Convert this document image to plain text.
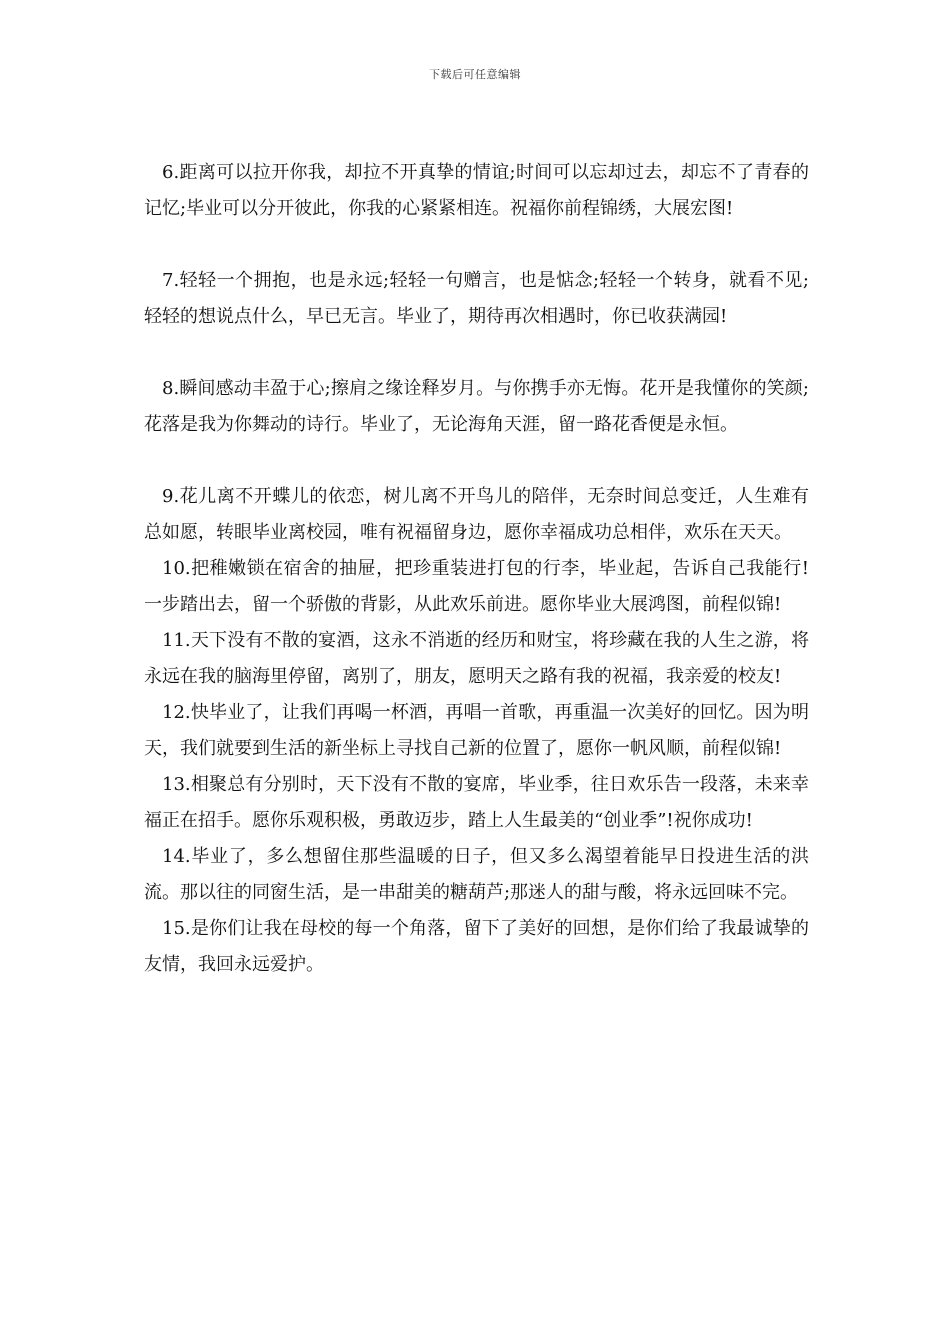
下载后可任意编辑

6.距离可以拉开你我，却拉不开真挚的情谊;时间可以忘却过去，却忘不了青春的记忆;毕业可以分开彼此，你我的心紧紧相连。祝福你前程锦绣，大展宏图!

7.轻轻一个拥抱，也是永远;轻轻一句赠言，也是惦念;轻轻一个转身，就看不见;轻轻的想说点什么，早已无言。毕业了，期待再次相遇时，你已收获满园!

8.瞬间感动丰盈于心;擦肩之缘诠释岁月。与你携手亦无悔。花开是我懂你的笑颜;花落是我为你舞动的诗行。毕业了，无论海角天涯，留一路花香便是永恒。

9.花儿离不开蝶儿的依恋，树儿离不开鸟儿的陪伴，无奈时间总变迁，人生难有总如愿，转眼毕业离校园，唯有祝福留身边，愿你幸福成功总相伴，欢乐在天天。

10.把稚嫩锁在宿舍的抽屉，把珍重装进打包的行李，毕业起，告诉自己我能行!一步踏出去，留一个骄傲的背影，从此欢乐前进。愿你毕业大展鸿图，前程似锦!

11.天下没有不散的宴酒，这永不消逝的经历和财宝，将珍藏在我的人生之游，将永远在我的脑海里停留，离别了，朋友，愿明天之路有我的祝福，我亲爱的校友!

12.快毕业了，让我们再喝一杯酒，再唱一首歌，再重温一次美好的回忆。因为明天，我们就要到生活的新坐标上寻找自己新的位置了，愿你一帆风顺，前程似锦!

13.相聚总有分别时，天下没有不散的宴席，毕业季，往日欢乐告一段落，未来幸福正在招手。愿你乐观积极，勇敢迈步，踏上人生最美的“创业季”!祝你成功!

14.毕业了，多么想留住那些温暖的日子，但又多么渴望着能早日投进生活的洪流。那以往的同窗生活，是一串甜美的糖葫芦;那迷人的甜与酸，将永远回味不完。

15.是你们让我在母校的每一个角落，留下了美好的回想，是你们给了我最诚挚的友情，我回永远爱护。
